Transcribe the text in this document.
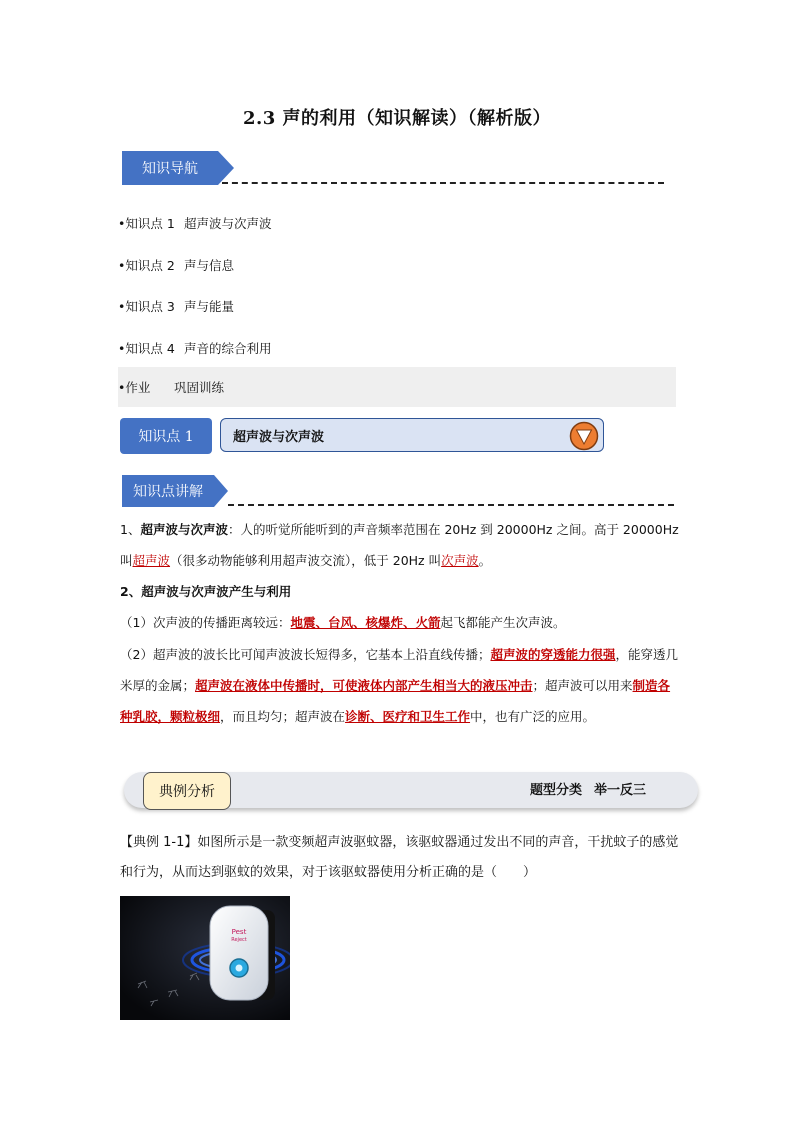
2.3 声的利用（知识解读）（解析版）
知识导航
•知识点 1 超声波与次声波
•知识点 2 声与信息
•知识点 3 声与能量
•知识点 4 声音的综合利用
•作业	巩固训练
知识点 1	超声波与次声波
知识点讲解
1、超声波与次声波：人的听觉所能听到的声音频率范围在 20Hz 到 20000Hz 之间。高于 20000Hz 叫超声波（很多动物能够利用超声波交流），低于 20Hz 叫次声波。
2、超声波与次声波产生与利用
（1）次声波的传播距离较远：地震、台风、核爆炸、火箭起飞都能产生次声波。
（2）超声波的波长比可闻声波波长短得多，它基本上沿直线传播；超声波的穿透能力很强，能穿透几米厚的金属；超声波在液体中传播时，可使液体内部产生相当大的液压冲击；超声波可以用来制造各种乳胶，颗粒极细，而且均匀；超声波在诊断、医疗和卫生工作中，也有广泛的应用。
典例分析	题型分类 举一反三
【典例 1-1】如图所示是一款变频超声波驱蚊器，该驱蚊器通过发出不同的声音，干扰蚊子的感觉和行为，从而达到驱蚊的效果，对于该驱蚊器使用分析正确的是（　　）
Pest
Reject
